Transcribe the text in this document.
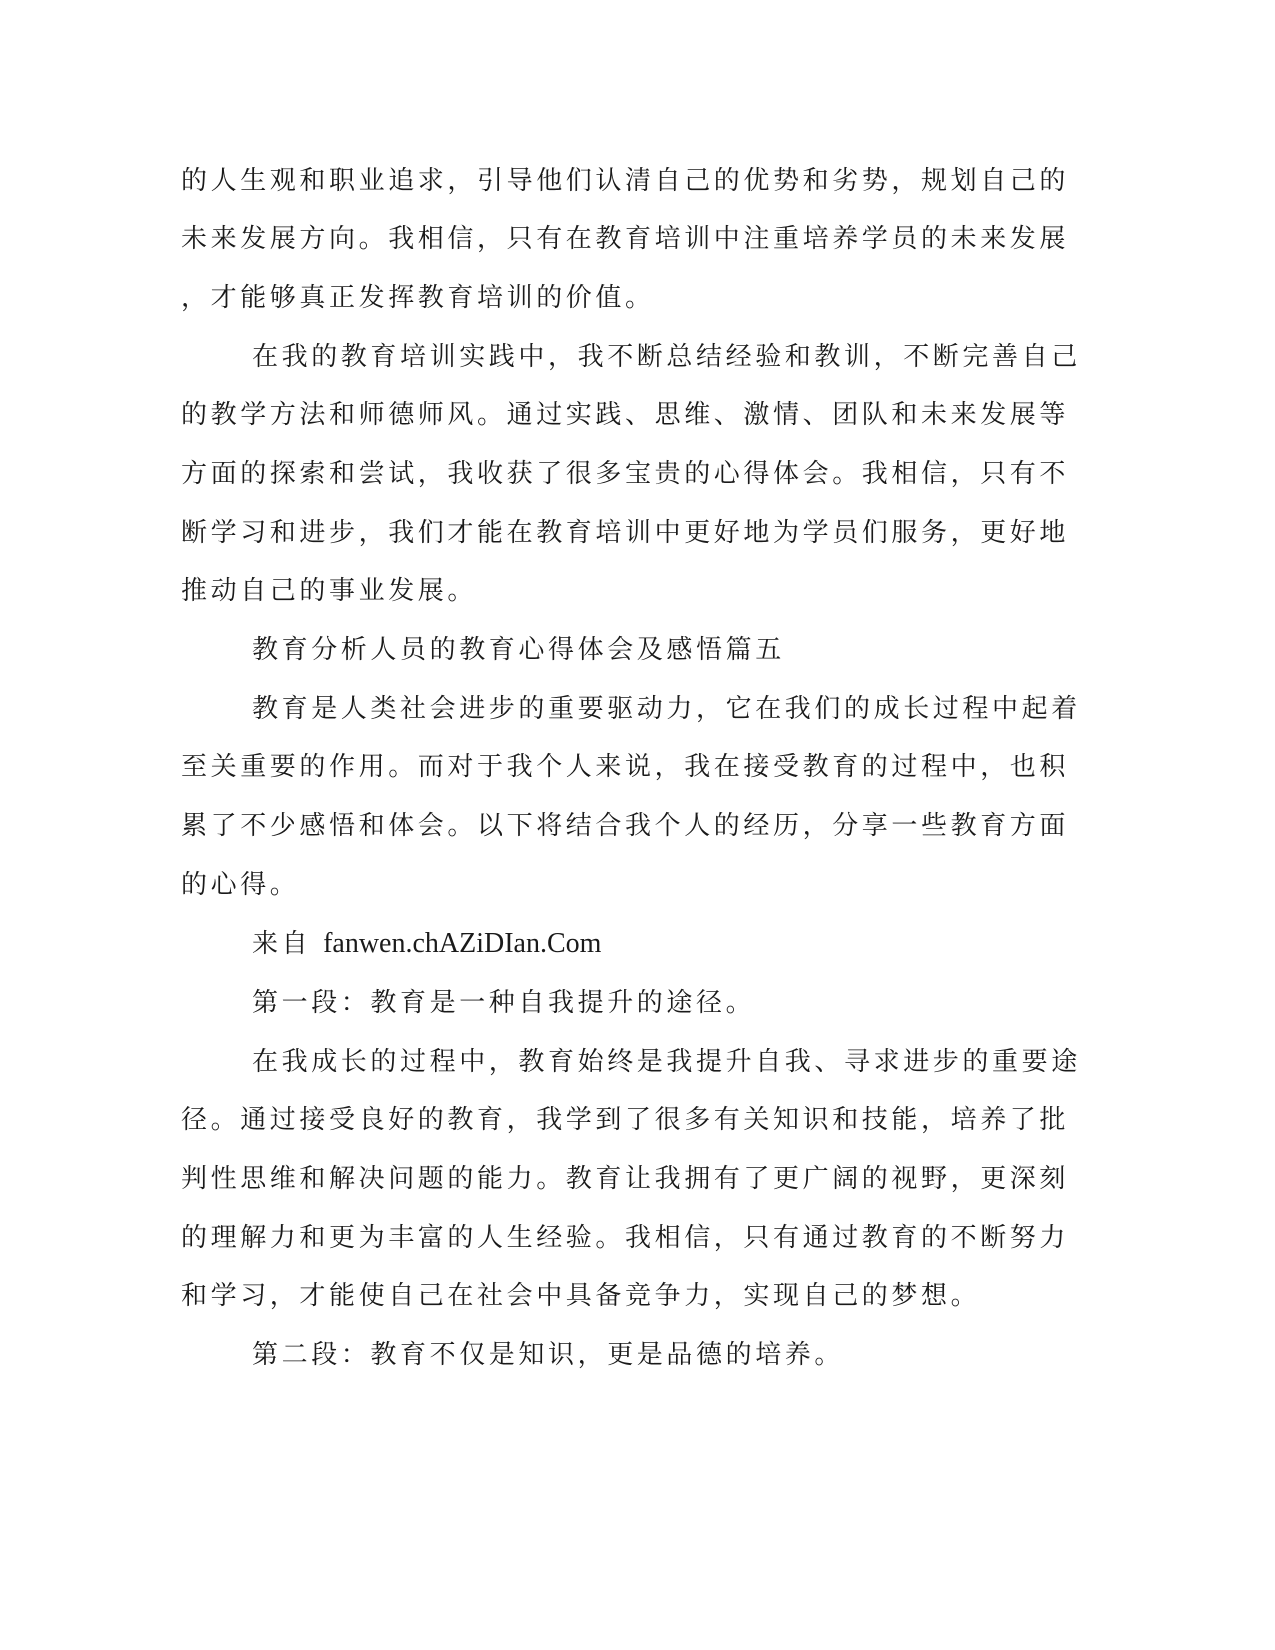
的人生观和职业追求，引导他们认清自己的优势和劣势，规划自己的
未来发展方向。我相信，只有在教育培训中注重培养学员的未来发展
，才能够真正发挥教育培训的价值。
在我的教育培训实践中，我不断总结经验和教训，不断完善自己
的教学方法和师德师风。通过实践、思维、激情、团队和未来发展等
方面的探索和尝试，我收获了很多宝贵的心得体会。我相信，只有不
断学习和进步，我们才能在教育培训中更好地为学员们服务，更好地
推动自己的事业发展。
教育分析人员的教育心得体会及感悟篇五
教育是人类社会进步的重要驱动力，它在我们的成长过程中起着
至关重要的作用。而对于我个人来说，我在接受教育的过程中，也积
累了不少感悟和体会。以下将结合我个人的经历，分享一些教育方面
的心得。
来自 fanwen.chAZiDIan.Com
第一段：教育是一种自我提升的途径。
在我成长的过程中，教育始终是我提升自我、寻求进步的重要途
径。通过接受良好的教育，我学到了很多有关知识和技能，培养了批
判性思维和解决问题的能力。教育让我拥有了更广阔的视野，更深刻
的理解力和更为丰富的人生经验。我相信，只有通过教育的不断努力
和学习，才能使自己在社会中具备竞争力，实现自己的梦想。
第二段：教育不仅是知识，更是品德的培养。
